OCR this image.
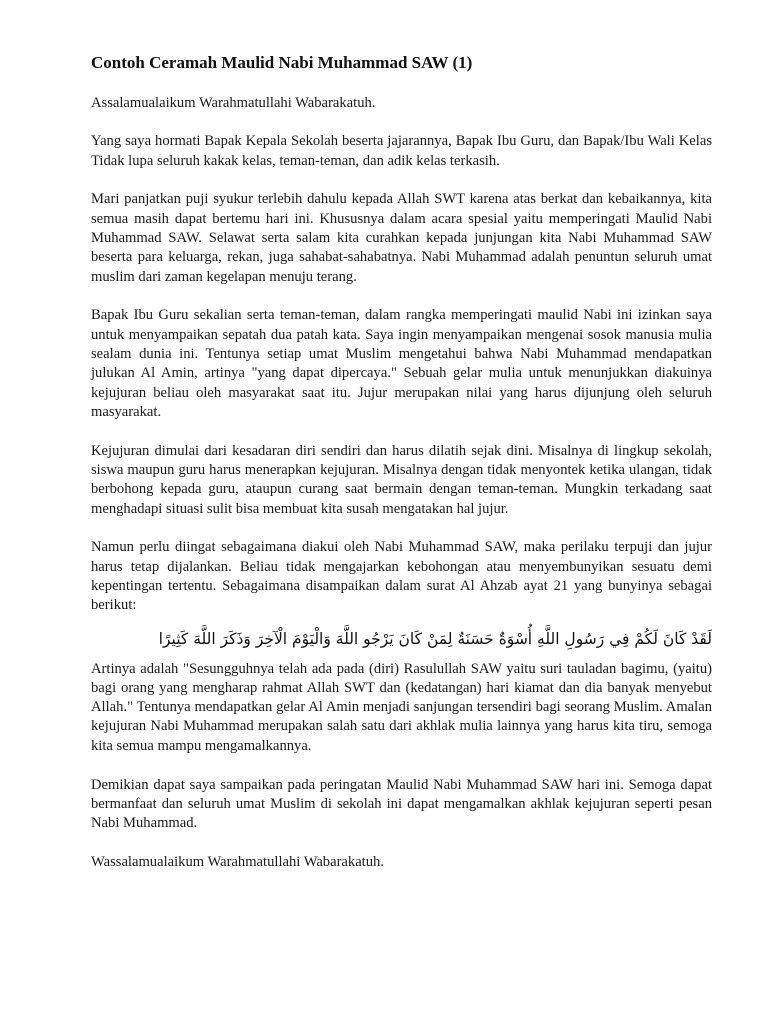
Contoh Ceramah Maulid Nabi Muhammad SAW (1)

Assalamualaikum Warahmatullahi Wabarakatuh.

Yang saya hormati Bapak Kepala Sekolah beserta jajarannya, Bapak Ibu Guru, dan Bapak/Ibu Wali Kelas Tidak lupa seluruh kakak kelas, teman-teman, dan adik kelas terkasih.

Mari panjatkan puji syukur terlebih dahulu kepada Allah SWT karena atas berkat dan kebaikannya, kita semua masih dapat bertemu hari ini. Khususnya dalam acara spesial yaitu memperingati Maulid Nabi Muhammad SAW. Selawat serta salam kita curahkan kepada junjungan kita Nabi Muhammad SAW beserta para keluarga, rekan, juga sahabat-sahabatnya. Nabi Muhammad adalah penuntun seluruh umat muslim dari zaman kegelapan menuju terang.

Bapak Ibu Guru sekalian serta teman-teman, dalam rangka memperingati maulid Nabi ini izinkan saya untuk menyampaikan sepatah dua patah kata. Saya ingin menyampaikan mengenai sosok manusia mulia sealam dunia ini. Tentunya setiap umat Muslim mengetahui bahwa Nabi Muhammad mendapatkan julukan Al Amin, artinya "yang dapat dipercaya." Sebuah gelar mulia untuk menunjukkan diakuinya kejujuran beliau oleh masyarakat saat itu. Jujur merupakan nilai yang harus dijunjung oleh seluruh masyarakat.

Kejujuran dimulai dari kesadaran diri sendiri dan harus dilatih sejak dini. Misalnya di lingkup sekolah, siswa maupun guru harus menerapkan kejujuran. Misalnya dengan tidak menyontek ketika ulangan, tidak berbohong kepada guru, ataupun curang saat bermain dengan teman-teman. Mungkin terkadang saat menghadapi situasi sulit bisa membuat kita susah mengatakan hal jujur.

Namun perlu diingat sebagaimana diakui oleh Nabi Muhammad SAW, maka perilaku terpuji dan jujur harus tetap dijalankan. Beliau tidak mengajarkan kebohongan atau menyembunyikan sesuatu demi kepentingan tertentu. Sebagaimana disampaikan dalam surat Al Ahzab ayat 21 yang bunyinya sebagai berikut:

لَقَدْ كَانَ لَكُمْ فِي رَسُولِ اللَّهِ أُسْوَةٌ حَسَنَةٌ لِمَنْ كَانَ يَرْجُو اللَّهَ وَالْيَوْمَ الْآخِرَ وَذَكَرَ اللَّهَ كَثِيرًا

Artinya adalah "Sesungguhnya telah ada pada (diri) Rasulullah SAW yaitu suri tauladan bagimu, (yaitu) bagi orang yang mengharap rahmat Allah SWT dan (kedatangan) hari kiamat dan dia banyak menyebut Allah." Tentunya mendapatkan gelar Al Amin menjadi sanjungan tersendiri bagi seorang Muslim. Amalan kejujuran Nabi Muhammad merupakan salah satu dari akhlak mulia lainnya yang harus kita tiru, semoga kita semua mampu mengamalkannya.

Demikian dapat saya sampaikan pada peringatan Maulid Nabi Muhammad SAW hari ini. Semoga dapat bermanfaat dan seluruh umat Muslim di sekolah ini dapat mengamalkan akhlak kejujuran seperti pesan Nabi Muhammad.

Wassalamualaikum Warahmatullahi Wabarakatuh.
